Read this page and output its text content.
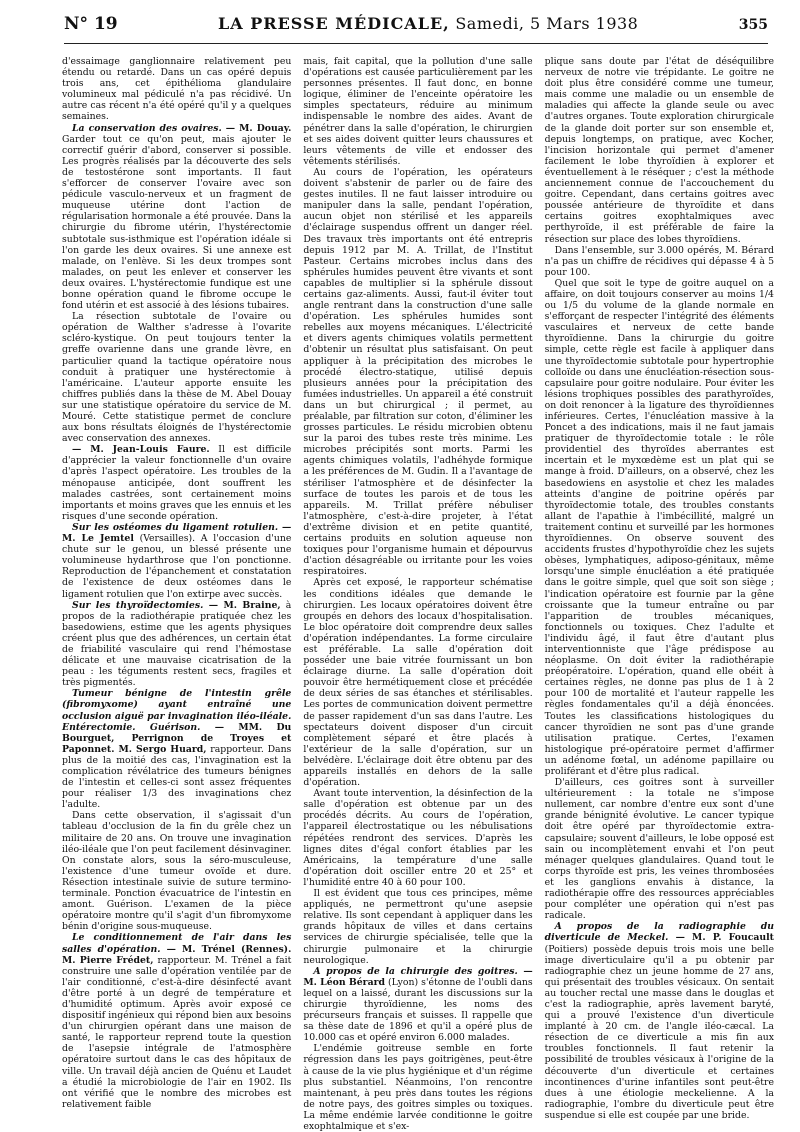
N° 19	LA PRESSE MÉDICALE, Samedi, 5 Mars 1938	355

d'essaimage ganglionnaire relativement peu étendu ou retardé. Dans un cas opéré depuis trois ans, cet épithélioma glandulaire volumineux mal pédiculé n'a pas récidivé. Un autre cas récent n'a été opéré qu'il y a quelques semaines.

La conservation des ovaires. — M. Douay. Garder tout ce qu'on peut, mais ajouter le correctif guérir d'abord, conserver si possible. Les progrès réalisés par la découverte des sels de testostérone sont importants. Il faut s'efforcer de conserver l'ovaire avec son pédicule vasculo-nerveux et un fragment de muqueuse utérine dont l'action de régularisation hormonale a été prouvée. Dans la chirurgie du fibrome utérin, l'hystérectomie subtotale sus-isthmique est l'opération idéale si l'on garde les deux ovaires. Si une annexe est malade, on l'enlève. Si les deux trompes sont malades, on peut les enlever et conserver les deux ovaires. L'hystérectomie fundique est une bonne opération quand le fibrome occupe le fond utérin et est associé à des lésions tubaires.

La résection subtotale de l'ovaire ou opération de Walther s'adresse à l'ovarite scléro-kystique. On peut toujours tenter la greffe ovarienne dans une grande lèvre, en particulier quand la tactique opératoire nous conduit à pratiquer une hystérectomie à l'américaine. L'auteur apporte ensuite les chiffres publiés dans la thèse de M. Abel Douay sur une statistique opératoire du service de M. Mouré. Cette statistique permet de conclure aux bons résultats éloignés de l'hystérectomie avec conservation des annexes.

— M. Jean-Louis Faure. Il est difficile d'apprécier la valeur fonctionnelle d'un ovaire d'après l'aspect opératoire. Les troubles de la ménopause anticipée, dont souffrent les malades castrées, sont certainement moins importants et moins graves que les ennuis et les risques d'une seconde opération.

Sur les ostéomes du ligament rotulien. — M. Le Jemtel (Versailles). A l'occasion d'une chute sur le genou, un blessé présente une volumineuse hydarthrose que l'on ponctionne. Reproduction de l'épanchement et constatation de l'existence de deux ostéomes dans le ligament rotulien que l'on extirpe avec succès.

Sur les thyroïdectomies. — M. Braine, à propos de la radiothérapie pratiquée chez les basedowiens, estime que les agents physiques créent plus que des adhérences, un certain état de friabilité vasculaire qui rend l'hémostase délicate et une mauvaise cicatrisation de la peau : les téguments restent secs, fragiles et très pigmentés.

Tumeur bénigne de l'intestin grêle (fibromyxome) ayant entraîné une occlusion aiguë par invagination iléo-iléale. Entérectomie. Guérison. — MM. Du Bourguet, Perrignon de Troyes et Paponnet. M. Sergo Huard, rapporteur. Dans plus de la moitié des cas, l'invagination est la complication révélatrice des tumeurs bénignes de l'intestin et celles-ci sont assez fréquentes pour réaliser 1/3 des invaginations chez l'adulte.

Dans cette observation, il s'agissait d'un tableau d'occlusion de la fin du grêle chez un militaire de 20 ans. On trouve une invagination iléo-iléale que l'on peut facilement désinvaginer. On constate alors, sous la séro-musculeuse, l'existence d'une tumeur ovoïde et dure. Résection intestinale suivie de suture termino-terminale. Ponction évacuatrice de l'intestin en amont. Guérison. L'examen de la pièce opératoire montre qu'il s'agit d'un fibromyxome bénin d'origine sous-muqueuse.

Le conditionnement de l'air dans les salles d'opération. — M. Trénel (Rennes). M. Pierre Frédet, rapporteur. M. Trénel a fait construire une salle d'opération ventilée par de l'air conditionné, c'est-à-dire désinfecté avant d'être porté à un degré de température et d'humidité optimum. Après avoir exposé ce dispositif ingénieux qui répond bien aux besoins d'un chirurgien opérant dans une maison de santé, le rapporteur reprend toute la question de l'asepsie intégrale de l'atmosphère opératoire surtout dans le cas des hôpitaux de ville. Un travail déjà ancien de Quénu et Laudet a étudié la microbiologie de l'air en 1902. Ils ont vérifié que le nombre des microbes est relativement faible

mais, fait capital, que la pollution d'une salle d'opérations est causée particulièrement par les personnes présentes. Il faut donc, en bonne logique, éliminer de l'enceinte opératoire les simples spectateurs, réduire au minimum indispensable le nombre des aides. Avant de pénétrer dans la salle d'opération, le chirurgien et ses aides doivent quitter leurs chaussures et leurs vêtements de ville et endosser des vêtements stérilisés.

Au cours de l'opération, les opérateurs doivent s'abstenir de parler ou de faire des gestes inutiles. Il ne faut laisser introduire ou manipuler dans la salle, pendant l'opération, aucun objet non stérilisé et les appareils d'éclairage suspendus offrent un danger réel. Des travaux très importants ont été entrepris depuis 1912 par M. A. Trillat, de l'Institut Pasteur. Certains microbes inclus dans des sphérules humides peuvent être vivants et sont capables de multiplier si la sphérule dissout certains gaz-aliments. Aussi, faut-il éviter tout angle rentrant dans la construction d'une salle d'opération. Les sphérules humides sont rebelles aux moyens mécaniques. L'électricité et divers agents chimiques volatils permettent d'obtenir un résultat plus satisfaisant. On peut appliquer à la précipitation des microbes le procédé électro-statique, utilisé depuis plusieurs années pour la précipitation des fumées industrielles. Un appareil a été construit dans un but chirurgical ; il permet, au préalable, par filtration sur coton, d'éliminer les grosses particules. Le résidu microbien obtenu sur la paroi des tubes reste très minime. Les microbes précipités sont morts. Parmi les agents chimiques volatils, l'adhéhyde formique a les préférences de M. Gudin. Il a l'avantage de stériliser l'atmosphère et de désinfecter la surface de toutes les parois et de tous les appareils. M. Trillat préfère nébuliser l'atmosphère, c'est-à-dire projeter, à l'état d'extrême division et en petite quantité, certains produits en solution aqueuse non toxiques pour l'organisme humain et dépourvus d'action désagréable ou irritante pour les voies respiratoires.

Après cet exposé, le rapporteur schématise les conditions idéales que demande le chirurgien. Les locaux opératoires doivent être groupés en dehors des locaux d'hospitalisation. Le bloc opératoire doit comprendre deux salles d'opération indépendantes. La forme circulaire est préférable. La salle d'opération doit posséder une baie vitrée fournissant un bon éclairage diurne. La salle d'opération doit pouvoir être hermétiquement close et précédée de deux séries de sas étanches et stérilisables. Les portes de communication doivent permettre de passer rapidement d'un sas dans l'autre. Les spectateurs doivent disposer d'un circuit complètement séparé et être placés à l'extérieur de la salle d'opération, sur un belvédère. L'éclairage doit être obtenu par des appareils installés en dehors de la salle d'opération.

Avant toute intervention, la désinfection de la salle d'opération est obtenue par un des procédés décrits. Au cours de l'opération, l'appareil électrostatique ou les nébulisations répétées rendront des services. D'après les lignes dites d'égal confort établies par les Américains, la température d'une salle d'opération doit osciller entre 20 et 25° et l'humidité entre 40 à 60 pour 100.

Il est évident que tous ces principes, même appliqués, ne permettront qu'une asepsie relative. Ils sont cependant à appliquer dans les grands hôpitaux de villes et dans certains services de chirurgie spécialisée, telle que la chirurgie pulmonaire et la chirurgie neurologique.

A propos de la chirurgie des goitres. — M. Léon Bérard (Lyon) s'étonne de l'oubli dans lequel on a laissé, durant les discussions sur la chirurgie thyroïdienne, les noms des précurseurs français et suisses. Il rappelle que sa thèse date de 1896 et qu'il a opéré plus de 10.000 cas et opéré environ 6.000 malades.

L'endémie goitreuse semble en forte régression dans les pays goitrigènes, peut-être à cause de la vie plus hygiénique et d'un régime plus substantiel. Néanmoins, l'on rencontre maintenant, à peu près dans toutes les régions de notre pays, des goitres simples ou toxiques. La même endémie larvée conditionne le goitre exophtalmique et s'ex-

plique sans doute par l'état de déséquilibre nerveux de notre vie trépidante. Le goitre ne doit plus être considéré comme une tumeur, mais comme une maladie ou un ensemble de maladies qui affecte la glande seule ou avec d'autres organes. Toute exploration chirurgicale de la glande doit porter sur son ensemble et, depuis longtemps, on pratique, avec Kocher, l'incision horizontale qui permet d'amener facilement le lobe thyroïdien à explorer et éventuellement à le réséquer ; c'est la méthode anciennement connue de l'accouchement du goitre. Cependant, dans certains goitres avec poussée antérieure de thyroïdite et dans certains goitres exophtalmiques avec perthyroïde, il est préférable de faire la résection sur place des lobes thyroïdiens.

Dans l'ensemble, sur 3.000 opérés, M. Bérard n'a pas un chiffre de récidives qui dépasse 4 à 5 pour 100.

Quel que soit le type de goitre auquel on a affaire, on doit toujours conserver au moins 1/4 ou 1/5 du volume de la glande normale en s'efforçant de respecter l'intégrité des éléments vasculaires et nerveux de cette bande thyroïdienne. Dans la chirurgie du goitre simple, cette règle est facile à appliquer dans une thyroïdectomie subtotale pour hypertrophie colloïde ou dans une énucléation-résection sous-capsulaire pour goitre nodulaire. Pour éviter les lésions trophiques possibles des parathyroïdes, on doit renoncer à la ligature des thyroïdiennes inférieures. Certes, l'énucléation massive à la Poncet a des indications, mais il ne faut jamais pratiquer de thyroïdectomie totale : le rôle providentiel des thyroïdes aberrantes est incertain et le myxœdème est un plat qui se mange à froid. D'ailleurs, on a observé, chez les basedowiens en asystolie et chez les malades atteints d'angine de poitrine opérés par thyroïdectomie totale, des troubles constants allant de l'apathie à l'imbécillité, malgré un traitement continu et surveillé par les hormones thyroïdiennes. On observe souvent des accidents frustes d'hypothyroïdie chez les sujets obèses, lymphatiques, adiposo-génitaux, même lorsqu'une simple énucléation a été pratiquée dans le goitre simple, quel que soit son siège ; l'indication opératoire est fournie par la gêne croissante que la tumeur entraîne ou par l'apparition de troubles mécaniques, fonctionnels ou toxiques. Chez l'adulte et l'individu âgé, il faut être d'autant plus interventionniste que l'âge prédispose au néoplasme. On doit éviter la radiothérapie préopératoire. L'opération, quand elle obéit à certaines règles, ne donne pas plus de 1 à 2 pour 100 de mortalité et l'auteur rappelle les règles fondamentales qu'il a déjà énoncées. Toutes les classifications histologiques du cancer thyroïdien ne sont pas d'une grande utilisation pratique. Certes, l'examen histologique pré-opératoire permet d'affirmer un adénome fœtal, un adénome papillaire ou proliférant et d'être plus radical.

D'ailleurs, ces goitres sont à surveiller ultérieurement : la totale ne s'impose nullement, car nombre d'entre eux sont d'une grande bénignité évolutive. Le cancer typique doit être opéré par thyroïdectomie extra-capsulaire; souvent d'ailleurs, le lobe opposé est sain ou incomplètement envahi et l'on peut ménager quelques glandulaires. Quand tout le corps thyroïde est pris, les veines thrombosées et les ganglions envahis à distance, la radiothérapie offre des ressources appréciables pour compléter une opération qui n'est pas radicale.

A propos de la radiographie du diverticule de Meckel. — M. P. Foucault (Poitiers) possède depuis trois mois une belle image diverticulaire qu'il a pu obtenir par radiographie chez un jeune homme de 27 ans, qui présentait des troubles vésicaux. On sentait au toucher rectal une masse dans le douglas et c'est la radiographie, après lavement baryté, qui a prouvé l'existence d'un diverticule implanté à 20 cm. de l'angle iléo-cæcal. La résection de ce diverticule a mis fin aux troubles fonctionnels. Il faut retenir la possibilité de troubles vésicaux à l'origine de la découverte d'un diverticule et certaines incontinences d'urine infantiles sont peut-être dues à une étiologie meckelienne. A la radiographie, l'ombre du diverticule peut être suspendue si elle est coupée par une bride.
